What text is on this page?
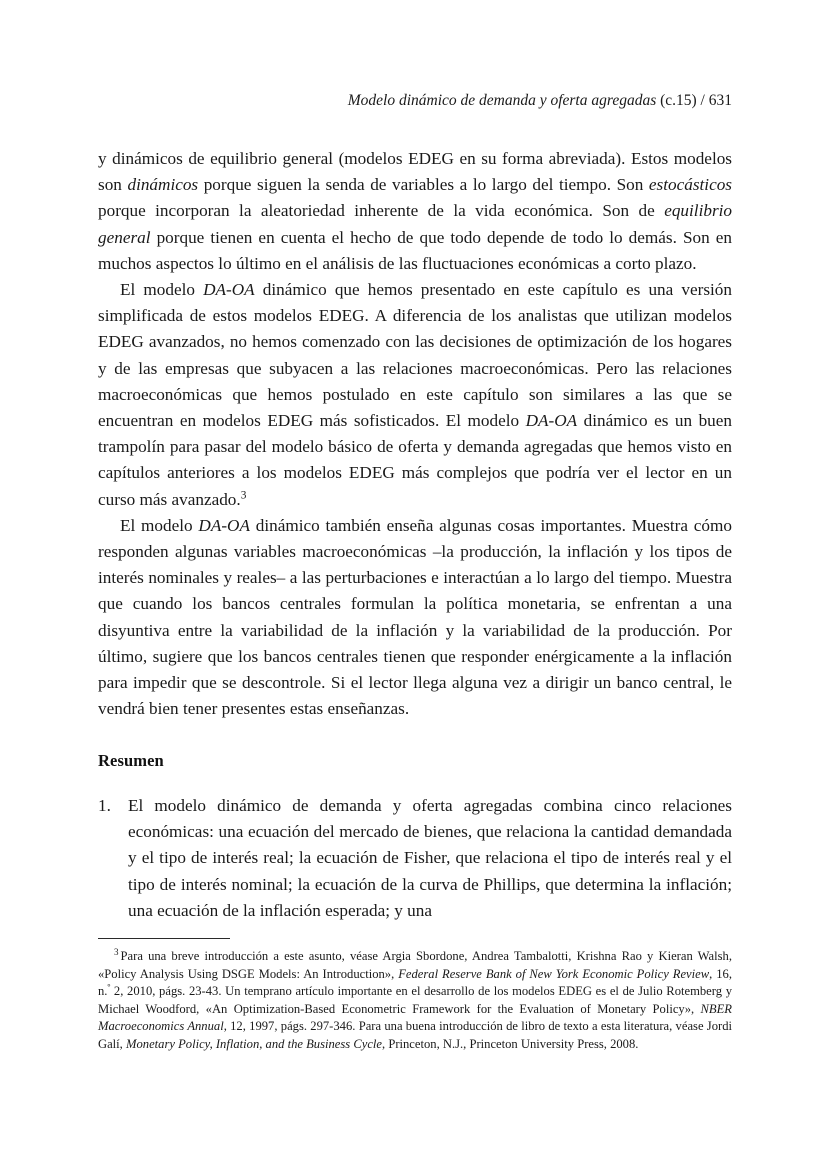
Modelo dinámico de demanda y oferta agregadas (c.15) / 631

y dinámicos de equilibrio general (modelos EDEG en su forma abreviada). Estos modelos son dinámicos porque siguen la senda de variables a lo largo del tiempo. Son estocásticos porque incorporan la aleatoriedad inherente de la vida económica. Son de equilibrio general porque tienen en cuenta el hecho de que todo depende de todo lo demás. Son en muchos aspectos lo último en el análisis de las fluctuaciones económicas a corto plazo.

El modelo DA-OA dinámico que hemos presentado en este capítulo es una versión simplificada de estos modelos EDEG. A diferencia de los analistas que utilizan modelos EDEG avanzados, no hemos comenzado con las decisiones de optimización de los hogares y de las empresas que subyacen a las relaciones macroeconómicas. Pero las relaciones macroeconómicas que hemos postulado en este capítulo son similares a las que se encuentran en modelos EDEG más sofisticados. El modelo DA-OA dinámico es un buen trampolín para pasar del modelo básico de oferta y demanda agregadas que hemos visto en capítulos anteriores a los modelos EDEG más complejos que podría ver el lector en un curso más avanzado.$^3$

El modelo DA-OA dinámico también enseña algunas cosas importantes. Muestra cómo responden algunas variables macroeconómicas –la producción, la inflación y los tipos de interés nominales y reales– a las perturbaciones e interactúan a lo largo del tiempo. Muestra que cuando los bancos centrales formulan la política monetaria, se enfrentan a una disyuntiva entre la variabilidad de la inflación y la variabilidad de la producción. Por último, sugiere que los bancos centrales tienen que responder enérgicamente a la inflación para impedir que se descontrole. Si el lector llega alguna vez a dirigir un banco central, le vendrá bien tener presentes estas enseñanzas.

Resumen
1. El modelo dinámico de demanda y oferta agregadas combina cinco relaciones económicas: una ecuación del mercado de bienes, que relaciona la cantidad demandada y el tipo de interés real; la ecuación de Fisher, que relaciona el tipo de interés real y el tipo de interés nominal; la ecuación de la curva de Phillips, que determina la inflación; una ecuación de la inflación esperada; y una

$^3$ Para una breve introducción a este asunto, véase Argia Sbordone, Andrea Tambalotti, Krishna Rao y Kieran Walsh, «Policy Analysis Using DSGE Models: An Introduction», Federal Reserve Bank of New York Economic Policy Review, 16, n.$^º$ 2, 2010, págs. 23-43. Un temprano artículo importante en el desarrollo de los modelos EDEG es el de Julio Rotemberg y Michael Woodford, «An Optimization-Based Econometric Framework for the Evaluation of Monetary Policy», NBER Macroeconomics Annual, 12, 1997, págs. 297-346. Para una buena introducción de libro de texto a esta literatura, véase Jordi Galí, Monetary Policy, Inflation, and the Business Cycle, Princeton, N.J., Princeton University Press, 2008.
